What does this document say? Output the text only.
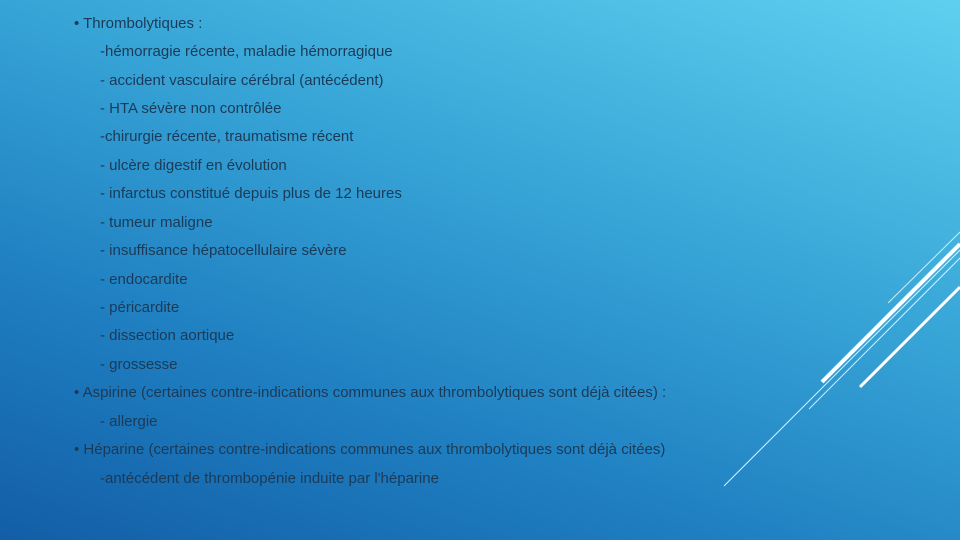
• Thrombolytiques :
-hémorragie récente, maladie hémorragique
- accident vasculaire cérébral (antécédent)
- HTA sévère non contrôlée
-chirurgie récente, traumatisme récent
- ulcère digestif en évolution
- infarctus constitué depuis plus de 12 heures
- tumeur maligne
- insuffisance hépatocellulaire sévère
- endocardite
- péricardite
- dissection aortique
- grossesse
• Aspirine (certaines contre-indications communes aux thrombolytiques sont déjà citées) :
- allergie
• Héparine (certaines contre-indications communes aux thrombolytiques sont déjà citées)
-antécédent de thrombopénie induite par l'héparine
